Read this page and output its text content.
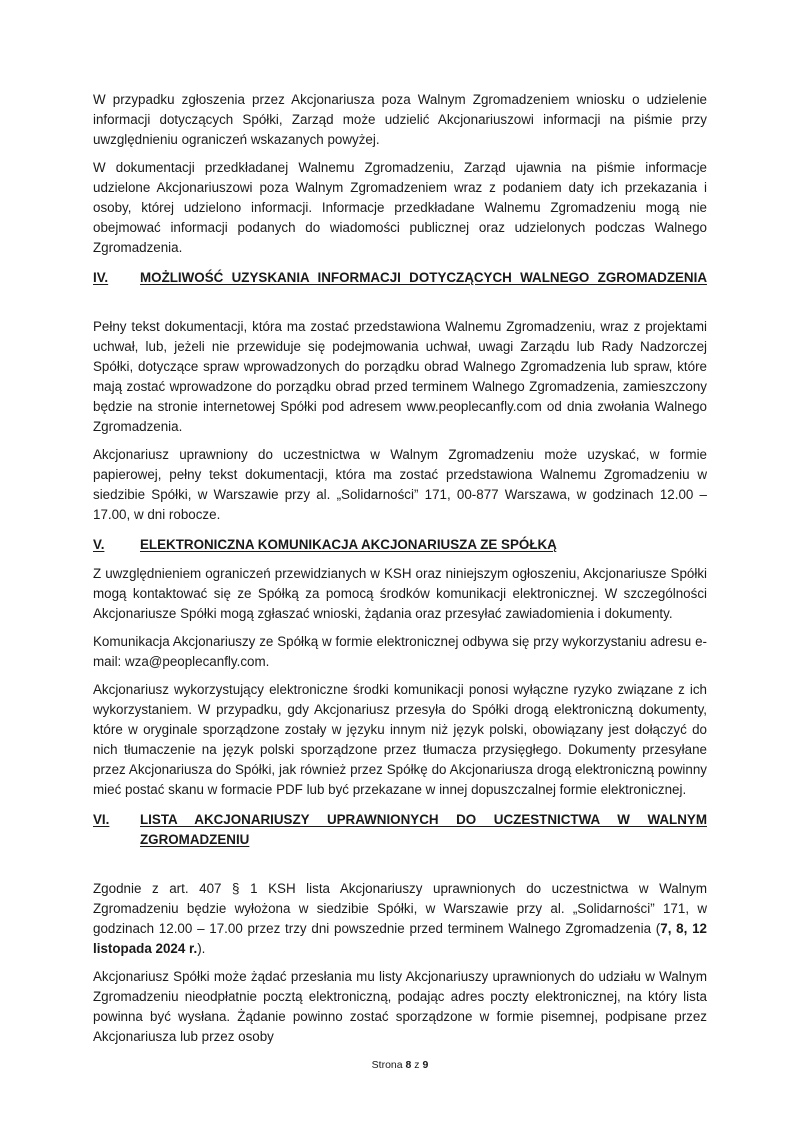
W przypadku zgłoszenia przez Akcjonariusza poza Walnym Zgromadzeniem wniosku o udzielenie informacji dotyczących Spółki, Zarząd może udzielić Akcjonariuszowi informacji na piśmie przy uwzględnieniu ograniczeń wskazanych powyżej.

W dokumentacji przedkładanej Walnemu Zgromadzeniu, Zarząd ujawnia na piśmie informacje udzielone Akcjonariuszowi poza Walnym Zgromadzeniem wraz z podaniem daty ich przekazania i osoby, której udzielono informacji. Informacje przedkładane Walnemu Zgromadzeniu mogą nie obejmować informacji podanych do wiadomości publicznej oraz udzielonych podczas Walnego Zgromadzenia.

IV.	MOŻLIWOŚĆ UZYSKANIA INFORMACJI DOTYCZĄCYCH WALNEGO ZGROMADZENIA

Pełny tekst dokumentacji, która ma zostać przedstawiona Walnemu Zgromadzeniu, wraz z projektami uchwał, lub, jeżeli nie przewiduje się podejmowania uchwał, uwagi Zarządu lub Rady Nadzorczej Spółki, dotyczące spraw wprowadzonych do porządku obrad Walnego Zgromadzenia lub spraw, które mają zostać wprowadzone do porządku obrad przed terminem Walnego Zgromadzenia, zamieszczony będzie na stronie internetowej Spółki pod adresem www.peoplecanfly.com od dnia zwołania Walnego Zgromadzenia.

Akcjonariusz uprawniony do uczestnictwa w Walnym Zgromadzeniu może uzyskać, w formie papierowej, pełny tekst dokumentacji, która ma zostać przedstawiona Walnemu Zgromadzeniu w siedzibie Spółki, w Warszawie przy al. „Solidarności” 171, 00-877 Warszawa, w godzinach 12.00 – 17.00, w dni robocze.

V.	ELEKTRONICZNA KOMUNIKACJA AKCJONARIUSZA ZE SPÓŁKĄ

Z uwzględnieniem ograniczeń przewidzianych w KSH oraz niniejszym ogłoszeniu, Akcjonariusze Spółki mogą kontaktować się ze Spółką za pomocą środków komunikacji elektronicznej. W szczególności Akcjonariusze Spółki mogą zgłaszać wnioski, żądania oraz przesyłać zawiadomienia i dokumenty.

Komunikacja Akcjonariuszy ze Spółką w formie elektronicznej odbywa się przy wykorzystaniu adresu e-mail: wza@peoplecanfly.com.

Akcjonariusz wykorzystujący elektroniczne środki komunikacji ponosi wyłączne ryzyko związane z ich wykorzystaniem. W przypadku, gdy Akcjonariusz przesyła do Spółki drogą elektroniczną dokumenty, które w oryginale sporządzone zostały w języku innym niż język polski, obowiązany jest dołączyć do nich tłumaczenie na język polski sporządzone przez tłumacza przysięgłego. Dokumenty przesyłane przez Akcjonariusza do Spółki, jak również przez Spółkę do Akcjonariusza drogą elektroniczną powinny mieć postać skanu w formacie PDF lub być przekazane w innej dopuszczalnej formie elektronicznej.

VI.	LISTA AKCJONARIUSZY UPRAWNIONYCH DO UCZESTNICTWA W WALNYM ZGROMADZENIU

Zgodnie z art. 407 § 1 KSH lista Akcjonariuszy uprawnionych do uczestnictwa w Walnym Zgromadzeniu będzie wyłożona w siedzibie Spółki, w Warszawie przy al. „Solidarności” 171, w godzinach 12.00 – 17.00 przez trzy dni powszednie przed terminem Walnego Zgromadzenia (7, 8, 12 listopada 2024 r.).

Akcjonariusz Spółki może żądać przesłania mu listy Akcjonariuszy uprawnionych do udziału w Walnym Zgromadzeniu nieodpłatnie pocztą elektroniczną, podając adres poczty elektronicznej, na który lista powinna być wysłana. Żądanie powinno zostać sporządzone w formie pisemnej, podpisane przez Akcjonariusza lub przez osoby

Strona 8 z 9
